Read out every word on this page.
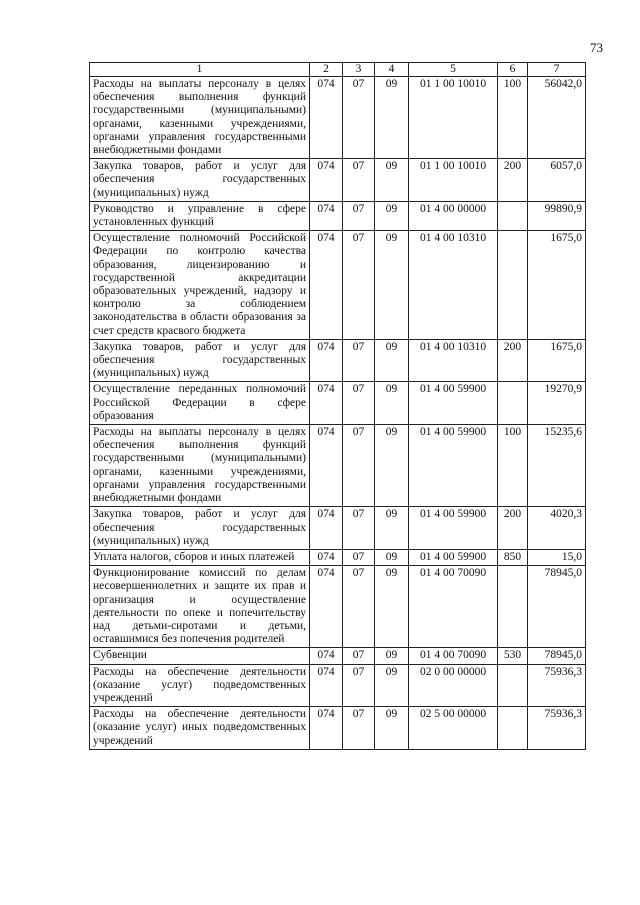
73
1	2	3	4	5	6	7
Расходы на выплаты персоналу в целях обеспечения выполнения функций государственными (муниципальными) органами, казенными учреждениями, органами управления государственными внебюджетными фондами	074	07	09	01 1 00 10010	100	56042,0
Закупка товаров, работ и услуг для обеспечения государственных (муниципальных) нужд	074	07	09	01 1 00 10010	200	6057,0
Руководство и управление в сфере установленных функций	074	07	09	01 4 00 00000		99890,9
Осуществление полномочий Российской Федерации по контролю качества образования, лицензированию и государственной аккредитации образовательных учреждений, надзору и контролю за соблюдением законодательства в области образования за счет средств красвого бюджета	074	07	09	01 4 00 10310		1675,0
Закупка товаров, работ и услуг для обеспечения государственных (муниципальных) нужд	074	07	09	01 4 00 10310	200	1675,0
Осуществление переданных полномочий Российской Федерации в сфере образования	074	07	09	01 4 00 59900		19270,9
Расходы на выплаты персоналу в целях обеспечения выполнения функций государственными (муниципальными) органами, казенными учреждениями, органами управления государственными внебюджетными фондами	074	07	09	01 4 00 59900	100	15235,6
Закупка товаров, работ и услуг для обеспечения государственных (муниципальных) нужд	074	07	09	01 4 00 59900	200	4020,3
Уплата налогов, сборов и иных платежей	074	07	09	01 4 00 59900	850	15,0
Функционирование комиссий по делам несовершеннолетних и защите их прав и организация и осуществление деятельности по опеке и попечительству над детьми-сиротами и детьми, оставшимися без попечения родителей	074	07	09	01 4 00 70090		78945,0
Субвенции	074	07	09	01 4 00 70090	530	78945,0
Расходы на обеспечение деятельности (оказание услуг) подведомственных учреждений	074	07	09	02 0 00 00000		75936,3
Расходы на обеспечение деятельности (оказание услуг) иных подведомственных учреждений	074	07	09	02 5 00 00000		75936,3
